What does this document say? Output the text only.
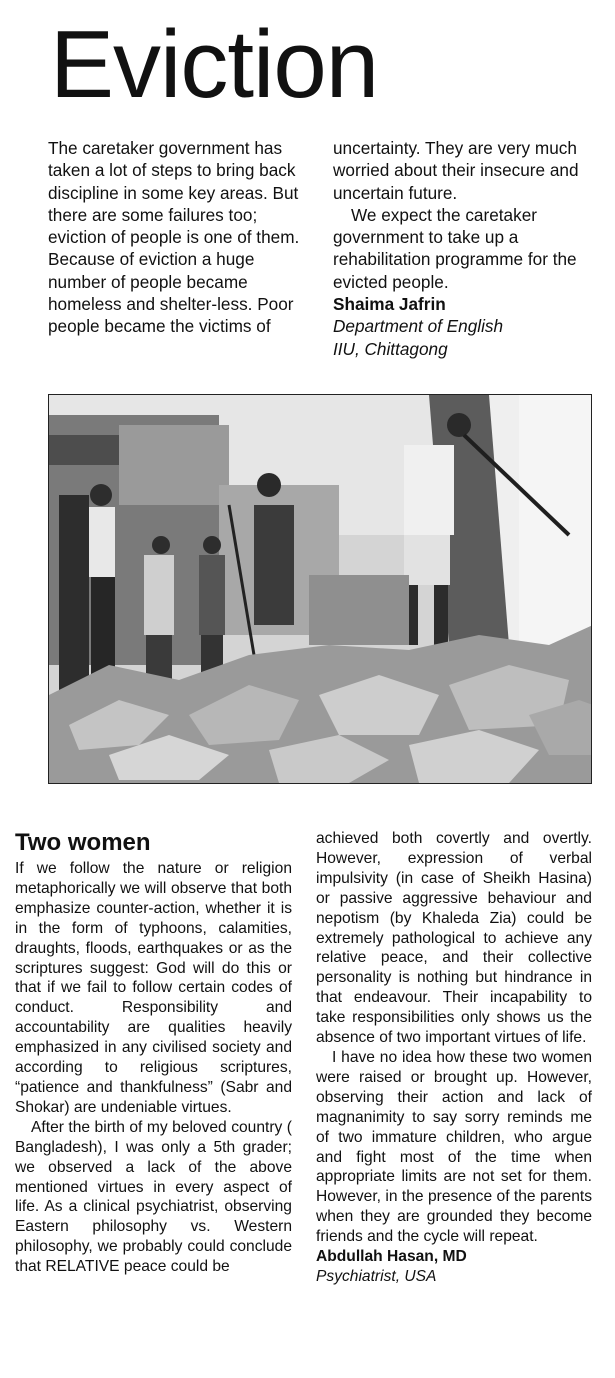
Eviction

The caretaker government has taken a lot of steps to bring back discipline in some key areas. But there are some failures too; eviction of people is one of them. Because of eviction a huge number of people became homeless and shelter-less. Poor people became the victims of

uncertainty. They are very much worried about their insecure and uncertain future.

We expect the caretaker government to take up a rehabilitation programme for the evicted people.

Shaima Jafrin

Department of English

IIU, Chittagong

Two women

If we follow the nature or religion metaphorically we will observe that both emphasize counter-action, whether it is in the form of typhoons, calamities, draughts, floods, earthquakes or as the scriptures suggest: God will do this or that if we fail to follow certain codes of conduct. Responsibility and accountability are qualities heavily emphasized in any civilised society and according to religious scriptures, “patience and thankfulness” (Sabr and Shokar) are undeniable virtues.

After the birth of my beloved country ( Bangladesh), I was only a 5th grader; we observed a lack of the above mentioned virtues in every aspect of life. As a clinical psychiatrist, observing Eastern philosophy vs. Western philosophy, we probably could conclude that RELATIVE peace could be

achieved both covertly and overtly. However, expression of verbal impulsivity (in case of Sheikh Hasina) or passive aggressive behaviour and nepotism (by Khaleda Zia) could be extremely pathological to achieve any relative peace, and their collective personality is nothing but hindrance in that endeavour. Their incapability to take responsibilities only shows us the absence of two important virtues of life.

I have no idea how these two women were raised or brought up. However, observing their action and lack of magnanimity to say sorry reminds me of two immature children, who argue and fight most of the time when appropriate limits are not set for them. However, in the presence of the parents when they are grounded they become friends and the cycle will repeat.

Abdullah Hasan, MD

Psychiatrist, USA
